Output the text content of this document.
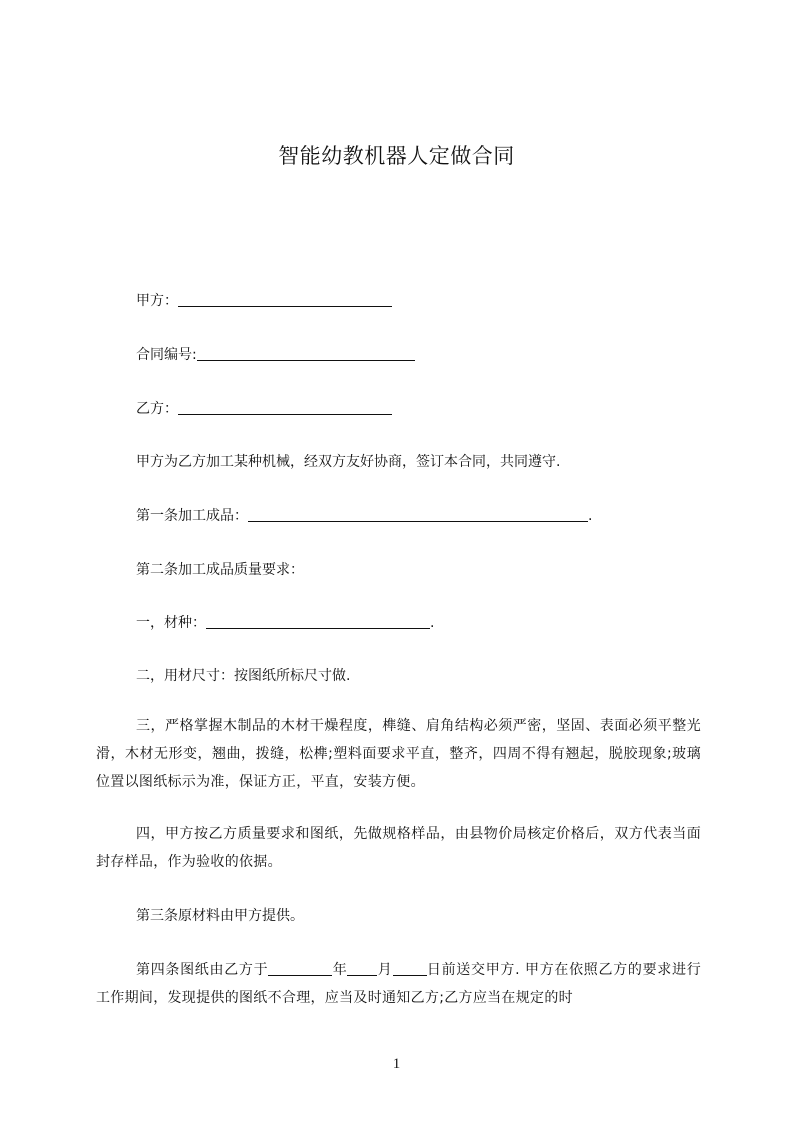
智能幼教机器人定做合同
甲方：
合同编号:
乙方：
甲方为乙方加工某种机械，经双方友好协商，签订本合同，共同遵守.
第一条加工成品：	.
第二条加工成品质量要求：
一，材种：	.
二，用材尺寸：按图纸所标尺寸做.
三，严格掌握木制品的木材干燥程度，榫缝、肩角结构必须严密，坚固、表面必须平整光滑，木材无形变，翘曲，拨缝，松榫;塑料面要求平直，整齐，四周不得有翘起，脱胶现象;玻璃位置以图纸标示为准，保证方正，平直，安装方便。
四，甲方按乙方质量要求和图纸，先做规格样品，由县物价局核定价格后，双方代表当面封存样品，作为验收的依据。
第三条原材料由甲方提供。
第四条图纸由乙方于	年 月 日前送交甲方. 甲方在依照乙方的要求进行工作期间，发现提供的图纸不合理，应当及时通知乙方;乙方应当在规定的时
1
